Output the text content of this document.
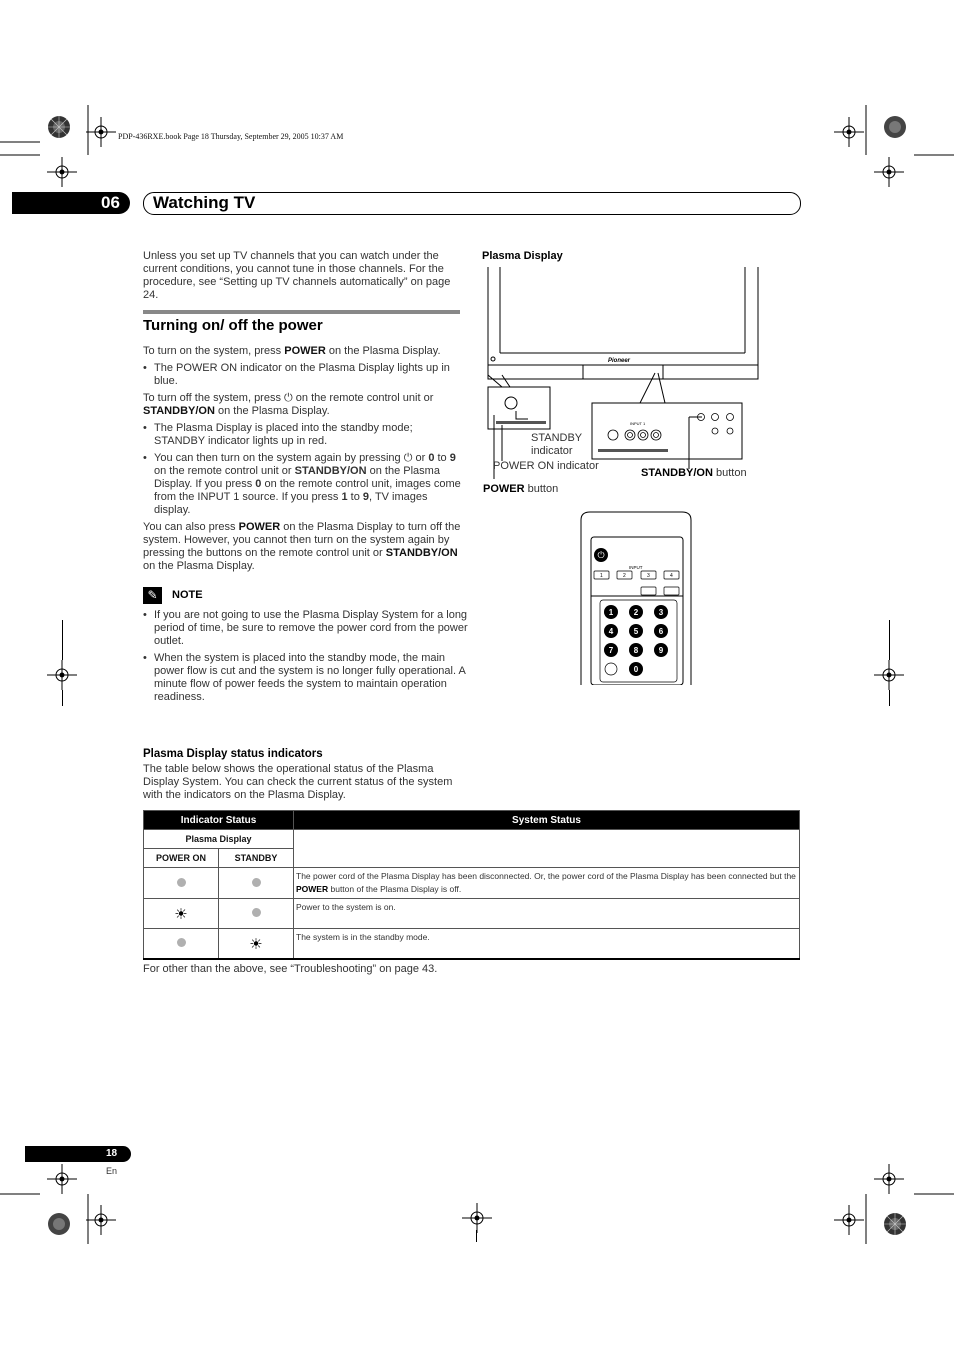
PDP-436RXE.book Page 18 Thursday, September 29, 2005 10:37 AM
06 Watching TV
Unless you set up TV channels that you can watch under the current conditions, you cannot tune in those channels. For the procedure, see “Setting up TV channels automatically” on page 24.
Turning on/ off the power
To turn on the system, press POWER on the Plasma Display.
• The POWER ON indicator on the Plasma Display lights up in blue.
To turn off the system, press ⏻ on the remote control unit or STANDBY/ON on the Plasma Display.
• The Plasma Display is placed into the standby mode; STANDBY indicator lights up in red.
• You can then turn on the system again by pressing ⏻ or 0 to 9 on the remote control unit or STANDBY/ON on the Plasma Display. If you press 0 on the remote control unit, images come from the INPUT 1 source. If you press 1 to 9, TV images display.
You can also press POWER on the Plasma Display to turn off the system. However, you cannot then turn on the system again by pressing the buttons on the remote control unit or STANDBY/ON on the Plasma Display.
✎	NOTE
• If you are not going to use the Plasma Display System for a long period of time, be sure to remove the power cord from the power outlet.
• When the system is placed into the standby mode, the main power flow is cut and the system is no longer fully operational. A minute flow of power feeds the system to maintain operation readiness.
Plasma Display
Pioneer
INPUT 1
STANDBY
indicator
POWER ON indicator
POWER button
STANDBY/ON button
⏻
INPUT
1	2	3	4
1	2	3
4	5	6
7	8	9
0
Plasma Display status indicators
The table below shows the operational status of the Plasma Display System. You can check the current status of the system with the indicators on the Plasma Display.
Indicator Status		System Status
Plasma Display		
POWER ON	STANDBY	
		The power cord of the Plasma Display has been disconnected. Or, the power cord of the Plasma Display has been connected but the POWER button of the Plasma Display is off.
☀		Power to the system is on.
	☀	The system is in the standby mode.
For other than the above, see “Troubleshooting” on page 43.
18
En
